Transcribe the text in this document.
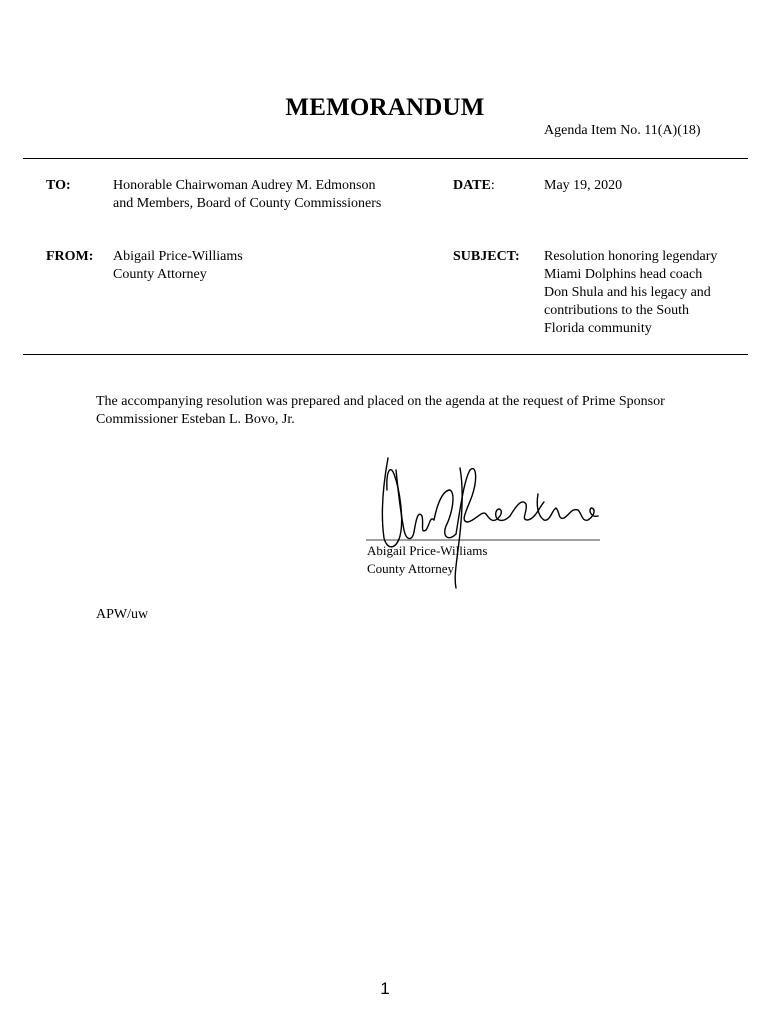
MEMORANDUM
Agenda Item No. 11(A)(18)
TO:	Honorable Chairwoman Audrey M. Edmonson
and Members, Board of County Commissioners
DATE:	May 19, 2020
FROM: Abigail Price-Williams
County Attorney
SUBJECT: Resolution honoring legendary
Miami Dolphins head coach
Don Shula and his legacy and
contributions to the South
Florida community
The accompanying resolution was prepared and placed on the agenda at the request of Prime Sponsor
Commissioner Esteban L. Bovo, Jr.
Abigail Price-Williams
County Attorney
APW/uw
1
